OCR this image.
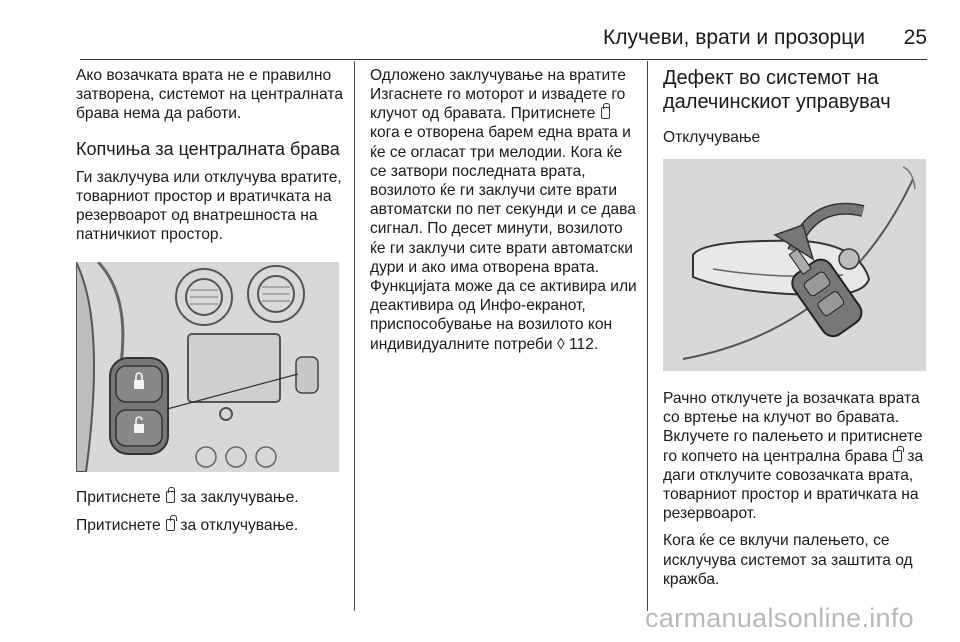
Клучеви, врати и прозорци 25

Ако возачката врата не е правилно затворена, системот на централната брава нема да работи.

Копчиња за централната брава

Ги заклучува или отклучува вратите, товарниот простор и вратичката на резервоарот од внатрешноста на патничкиот простор.

Притиснете за заклучување.

Притиснете за отклучување.

Одложено заклучување на вратите

Изгаснете го моторот и извадете го клучот од бравата. Притиснете  кога е отворена барем една врата и ќе се огласат три мелодии. Кога ќе се затвори последната врата, возилото ќе ги заклучи сите врати автоматски по пет секунди и се дава сигнал. По десет минути, возилото ќе ги заклучи сите врати автоматски дури и ако има отворена врата. Функцијата може да се активира или деактивира од Инфо-екранот, приспособување на возилото кон индивидуалните потреби ◊ 112.

Дефект во системот на далечинскиот управувач
Отклучување

Рачно отклучете ја возачката врата со вртење на клучот во бравата. Вклучете го палењето и притиснете го копчето на централна брава за даги отклучите совозачката врата, товарниот простор и вратичката на резервоарот.

Кога ќе се вклучи палењето, се исклучува системот за заштита од кражба.

carmanualsonline.info
